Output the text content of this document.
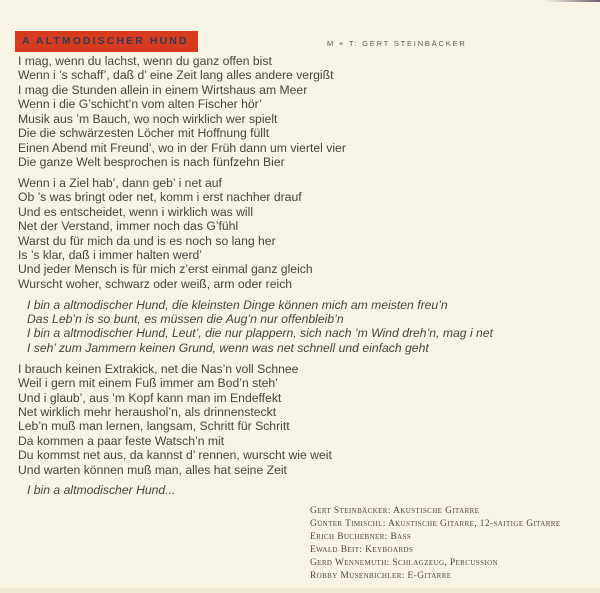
A ALTMODISCHER HUND	M + T: GERT STEINBÄCKER
I mag, wenn du lachst, wenn du ganz offen bist
Wenn i ’s schaff’, daß d’ eine Zeit lang alles andere vergißt
I mag die Stunden allein in einem Wirtshaus am Meer
Wenn i die G’schicht’n vom alten Fischer hör’
Musik aus ’m Bauch, wo noch wirklich wer spielt
Die die schwärzesten Löcher mit Hoffnung füllt
Einen Abend mit Freund’, wo in der Früh dann um viertel vier
Die ganze Welt besprochen is nach fünfzehn Bier
Wenn i a Ziel hab’, dann geb’ i net auf
Ob ’s was bringt oder net, komm i erst nachher drauf
Und es entscheidet, wenn i wirklich was will
Net der Verstand, immer noch das G’fühl
Warst du für mich da und is es noch so lang her
Is ’s klar, daß i immer halten werd’
Und jeder Mensch is für mich z’erst einmal ganz gleich
Wurscht woher, schwarz oder weiß, arm oder reich
I bin a altmodischer Hund, die kleinsten Dinge können mich am meisten freu’n
Das Leb’n is so bunt, es müssen die Aug’n nur offenbleib’n
I bin a altmodischer Hund, Leut’, die nur plappern, sich nach ’m Wind dreh’n, mag i net
I seh’ zum Jammern keinen Grund, wenn was net schnell und einfach geht
I brauch keinen Extrakick, net die Nas’n voll Schnee
Weil i gern mit einem Fuß immer am Bod’n steh’
Und i glaub’, aus ’m Kopf kann man im Endeffekt
Net wirklich mehr heraushol’n, als drinnensteckt
Leb’n muß man lernen, langsam, Schritt für Schritt
Da kommen a paar feste Watsch’n mit
Du kommst net aus, da kannst d’ rennen, wurscht wie weit
Und warten können muß man, alles hat seine Zeit
I bin a altmodischer Hund...
Gert Steinbäcker: Akustische Gitarre
Günter Timischl: Akustische Gitarre, 12-saitige Gitarre
Erich Buchebner: Bass
Ewald Beit: Keyboards
Gerd Wennemuth: Schlagzeug, Percussion
Robby Musenbichler: E-Gitarre
